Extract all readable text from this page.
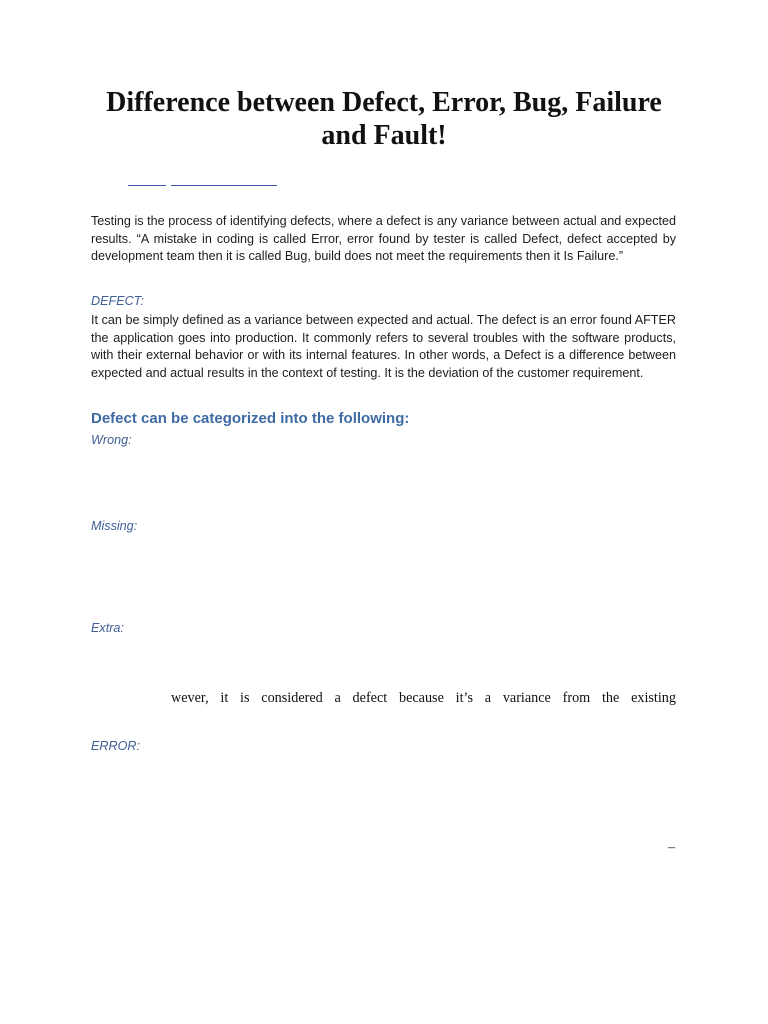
Difference between Defect, Error, Bug, Failure and Fault!

Testing is the process of identifying defects, where a defect is any variance between actual and expected results. “A mistake in coding is called Error, error found by tester is called Defect, defect accepted by development team then it is called Bug, build does not meet the requirements then it Is Failure.”

DEFECT:

It can be simply defined as a variance between expected and actual. The defect is an error found AFTER the application goes into production. It commonly refers to several troubles with the software products, with their external behavior or with its internal features. In other words, a Defect is a difference between expected and actual results in the context of testing. It is the deviation of the customer requirement.

Defect can be categorized into the following:

Wrong:

Missing:

Extra:

wever, it is considered a defect because it’s a variance from the existing

ERROR:

–
